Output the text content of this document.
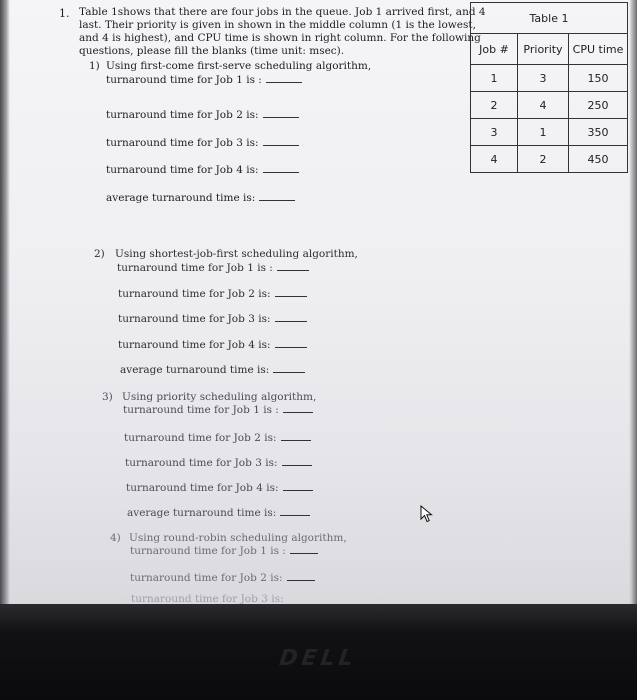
1. Table 1shows that there are four jobs in the queue. Job 1 arrived first, and 4
last. Their priority is given in shown in the middle column (1 is the lowest,
and 4 is highest), and CPU time is shown in right column. For the following
questions, please fill the blanks (time unit: msec).
1) Using first-come first-serve scheduling algorithm,
turnaround time for Job 1 is :
turnaround time for Job 2 is:
turnaround time for Job 3 is:
turnaround time for Job 4 is:
average turnaround time is:
2) Using shortest-job-first scheduling algorithm,
turnaround time for Job 1 is :
turnaround time for Job 2 is:
turnaround time for Job 3 is:
turnaround time for Job 4 is:
average turnaround time is:
3) Using priority scheduling algorithm,
turnaround time for Job 1 is :
turnaround time for Job 2 is:
turnaround time for Job 3 is:
turnaround time for Job 4 is:
average turnaround time is:
4) Using round-robin scheduling algorithm,
turnaround time for Job 1 is :
turnaround time for Job 2 is:
turnaround time for Job 3 is:
Table 1		
Job #	Priority	CPU time
1	3	150
2	4	250
3	1	350
4	2	450
DELL
